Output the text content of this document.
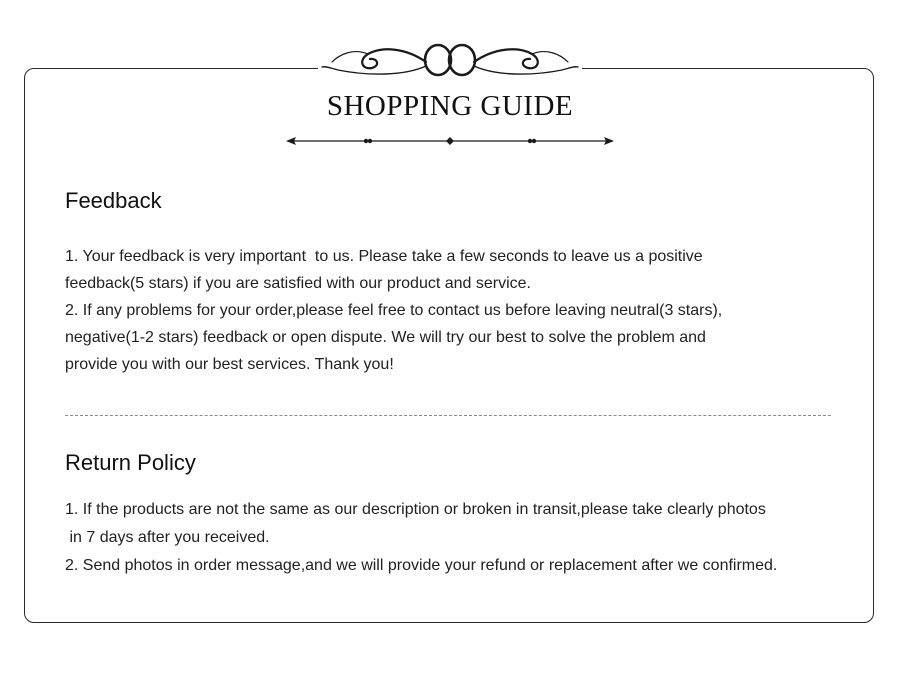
SHOPPING GUIDE
Feedback

1. Your feedback is very important  to us. Please take a few seconds to leave us a positive

feedback(5 stars) if you are satisfied with our product and service.

2. If any problems for your order,please feel free to contact us before leaving neutral(3 stars),

negative(1-2 stars) feedback or open dispute. We will try our best to solve the problem and

provide you with our best services. Thank you!

Return Policy

1. If the products are not the same as our description or broken in transit,please take clearly photos

in 7 days after you received.

2. Send photos in order message,and we will provide your refund or replacement after we confirmed.
